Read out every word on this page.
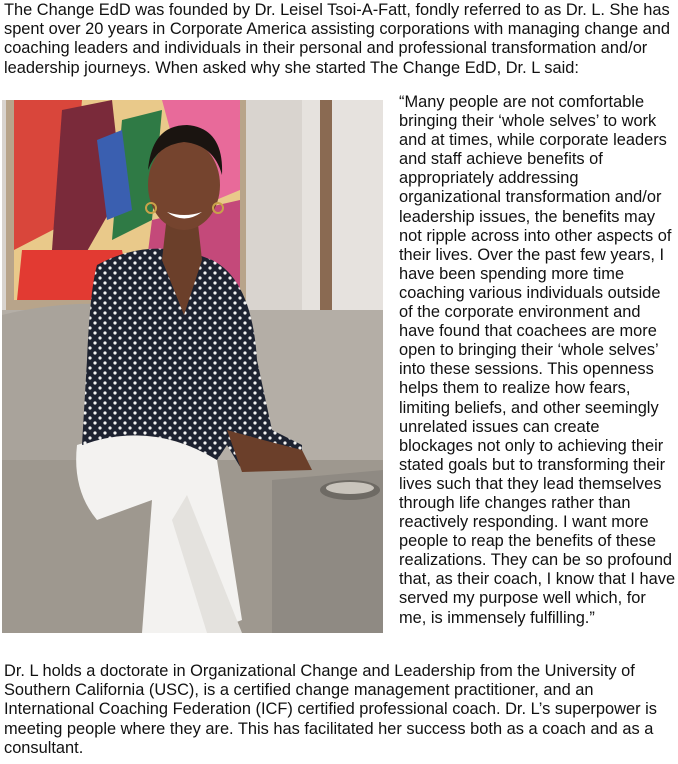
The Change EdD was founded by Dr. Leisel Tsoi-A-Fatt, fondly referred to as Dr. L. She has spent over 20 years in Corporate America assisting corporations with managing change and coaching leaders and individuals in their personal and professional transformation and/or leadership journeys. When asked why she started The Change EdD, Dr. L said:

“Many people are not comfortable bringing their ‘whole selves’ to work and at times, while corporate leaders and staff achieve benefits of appropriately addressing organizational transformation and/or leadership issues, the benefits may not ripple across into other aspects of their lives. Over the past few years, I have been spending more time coaching various individuals outside of the corporate environment and have found that coachees are more open to bringing their ‘whole selves’ into these sessions. This openness helps them to realize how fears, limiting beliefs, and other seemingly unrelated issues can create blockages not only to achieving their stated goals but to transforming their lives such that they lead themselves through life changes rather than reactively responding. I want more people to reap the benefits of these realizations. They can be so profound that, as their coach, I know that I have served my purpose well which, for me, is immensely fulfilling.”

Dr. L holds a doctorate in Organizational Change and Leadership from the University of Southern California (USC), is a certified change management practitioner, and an International Coaching Federation (ICF) certified professional coach. Dr. L’s superpower is meeting people where they are. This has facilitated her success both as a coach and as a consultant.
